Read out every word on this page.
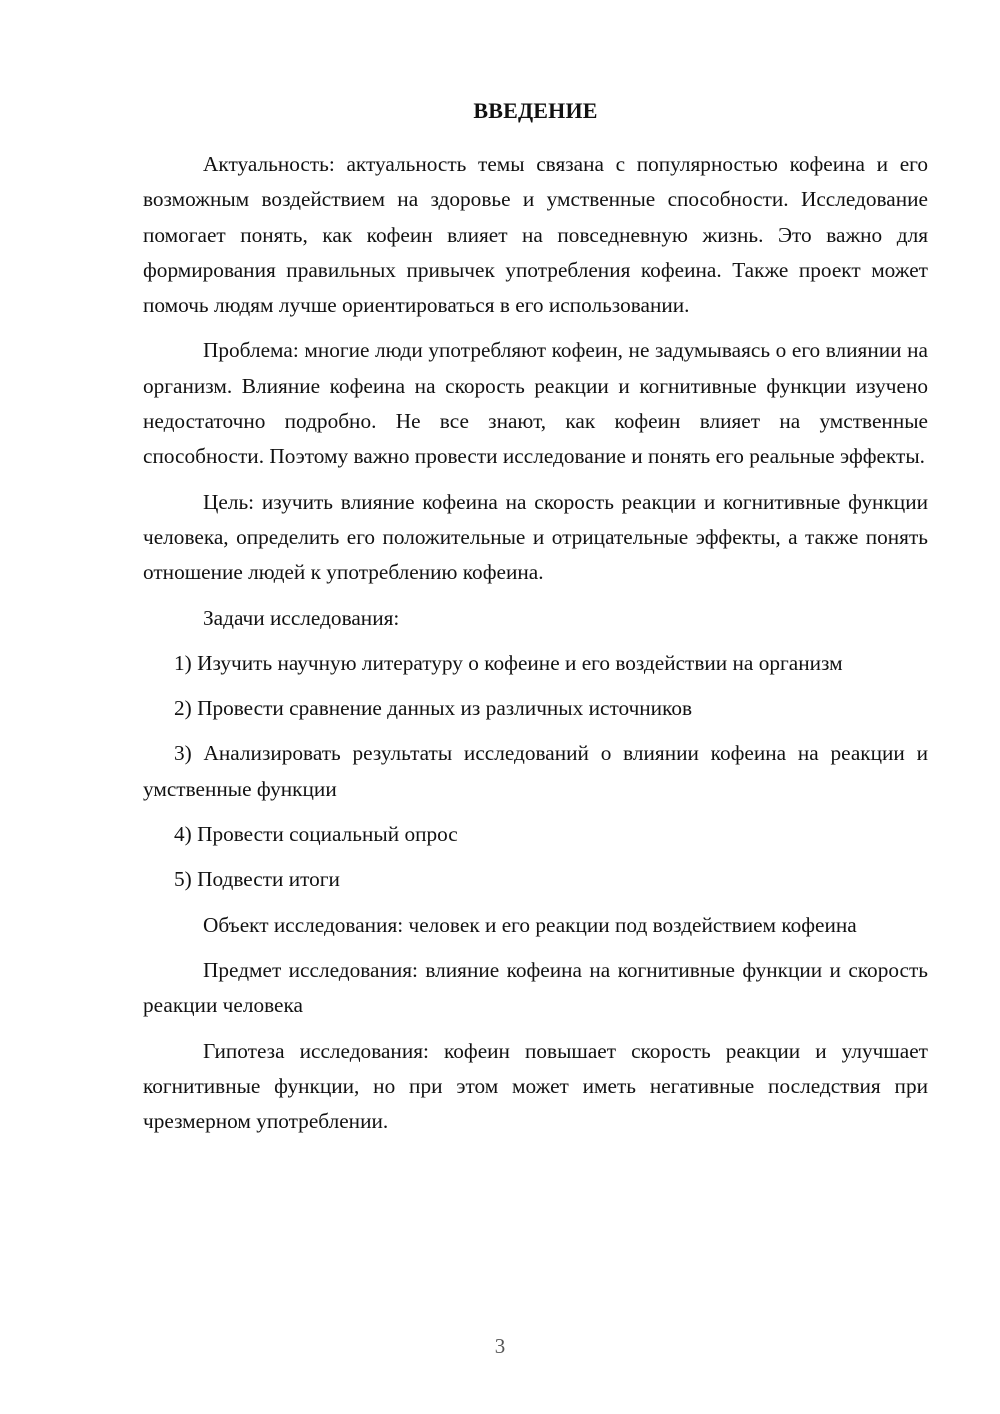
ВВЕДЕНИЕ

Актуальность: актуальность темы связана с популярностью кофеина и его возможным воздействием на здоровье и умственные способности. Исследование помогает понять, как кофеин влияет на повседневную жизнь. Это важно для формирования правильных привычек употребления кофеина. Также проект может помочь людям лучше ориентироваться в его использовании.

Проблема: многие люди употребляют кофеин, не задумываясь о его влиянии на организм. Влияние кофеина на скорость реакции и когнитивные функции изучено недостаточно подробно. Не все знают, как кофеин влияет на умственные способности. Поэтому важно провести исследование и понять его реальные эффекты.

Цель: изучить влияние кофеина на скорость реакции и когнитивные функции человека, определить его положительные и отрицательные эффекты, а также понять отношение людей к употреблению кофеина.

Задачи исследования:

1) Изучить научную литературу о кофеине и его воздействии на организм

2) Провести сравнение данных из различных источников

3) Анализировать результаты исследований о влиянии кофеина на реакции и умственные функции

4) Провести социальный опрос

5) Подвести итоги

Объект исследования: человек и его реакции под воздействием кофеина

Предмет исследования: влияние кофеина на когнитивные функции и скорость реакции человека

Гипотеза исследования: кофеин повышает скорость реакции и улучшает когнитивные функции, но при этом может иметь негативные последствия при чрезмерном употреблении.

3
